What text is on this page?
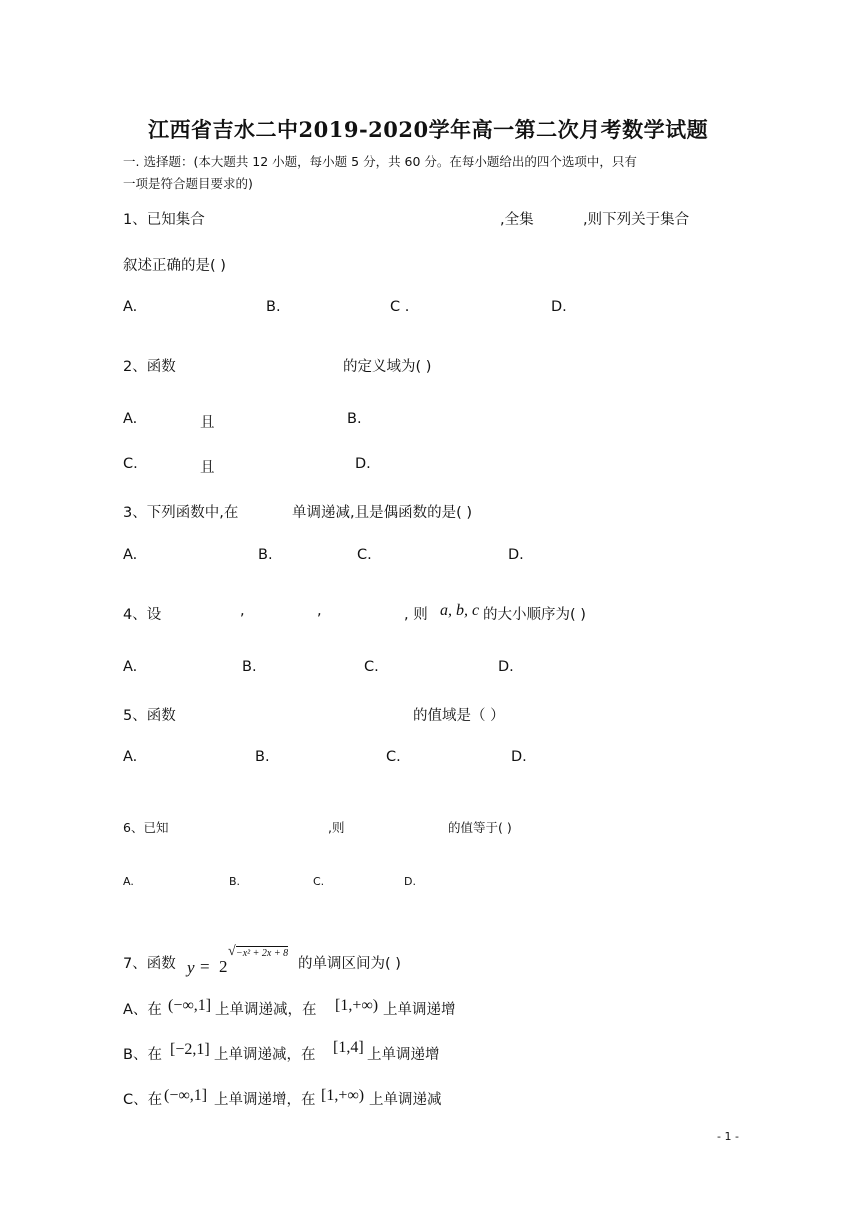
江西省吉水二中2019-2020学年高一第二次月考数学试题
一. 选择题：(本大题共 12 小题，每小题 5 分，共 60 分。在每小题给出的四个选项中，只有
一项是符合题目要求的)
1、已知集合	,全集	,则下列关于集合
叙述正确的是( )
A.	B.	C .	D.
2、函数	的定义域为( )
A.	且	B.
C.	且	D.
3、下列函数中,在	单调递减,且是偶函数的是( )
A.	B.	C.	D.
4、设	,	,	, 则 a, b, c 的大小顺序为( )
A.	B.	C.	D.
5、函数	的值域是（ ）
A.	B.	C.	D.
6、已知	,则	的值等于( )
A.	B.	C.	D.
7、函数 y = 2
√ −x² + 2x + 8
的单调区间为( )
A、在 (−∞,1] 上单调递减，在 [1,+∞) 上单调递增
B、在 [−2,1] 上单调递减，在 [1,4] 上单调递增
C、在 (−∞,1] 上单调递增，在 [1,+∞) 上单调递减
- 1 -
